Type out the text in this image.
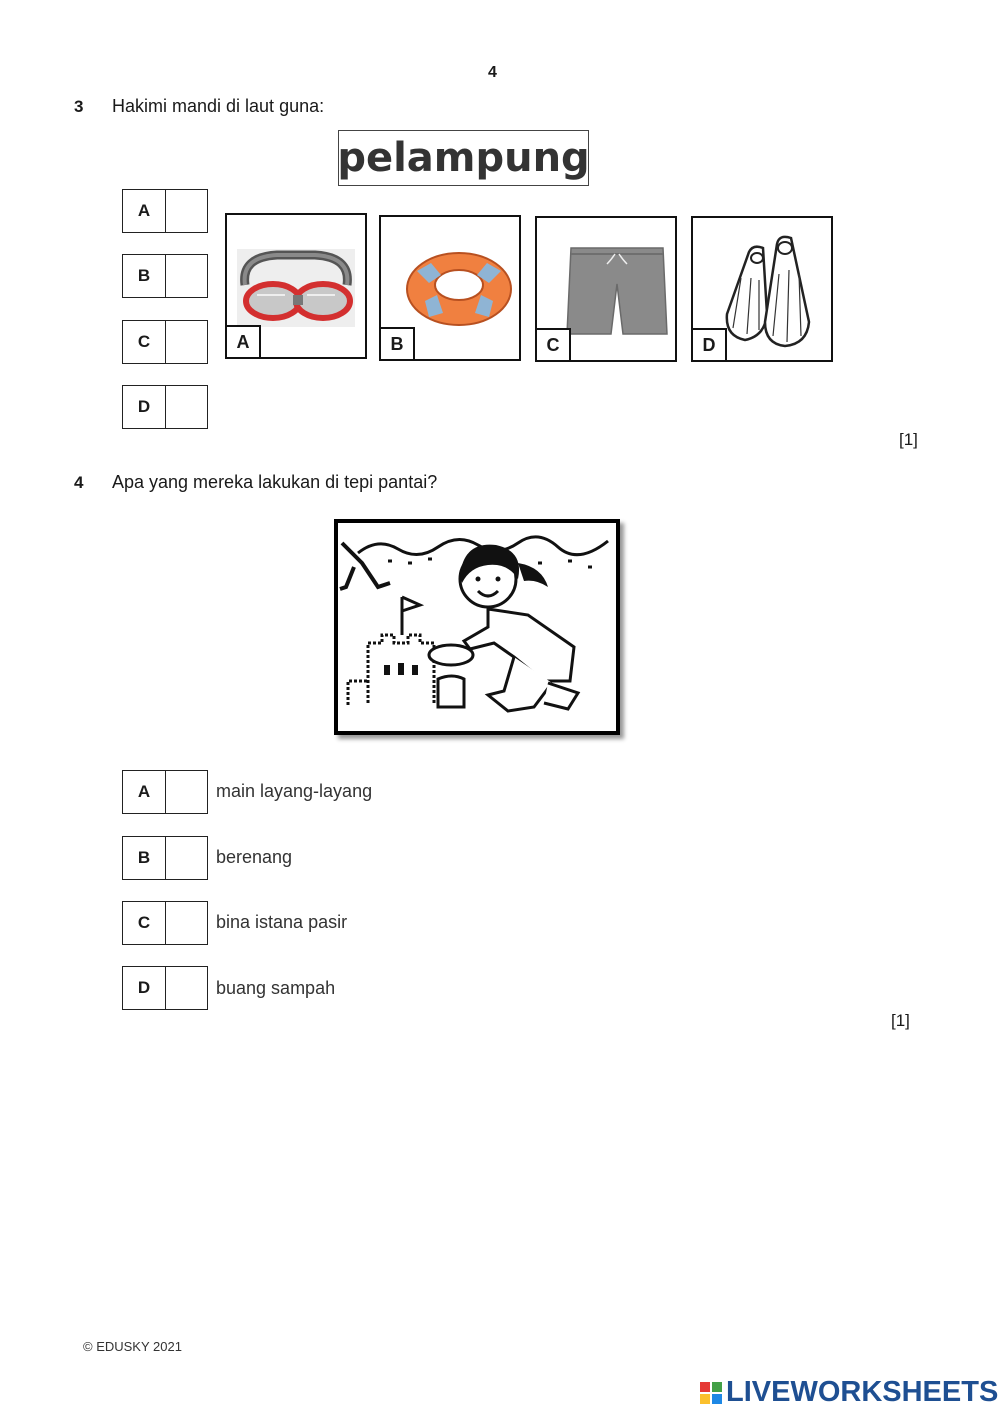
4
3 Hakimi mandi di laut guna:
pelampung
A
B
C
D
A	B	C	D
[1]
4 Apa yang mereka lakukan di tepi pantai?
A	main layang-layang
B	berenang
C	bina istana pasir
D	buang sampah
[1]
© EDUSKY 2021
LIVEWORKSHEETS
